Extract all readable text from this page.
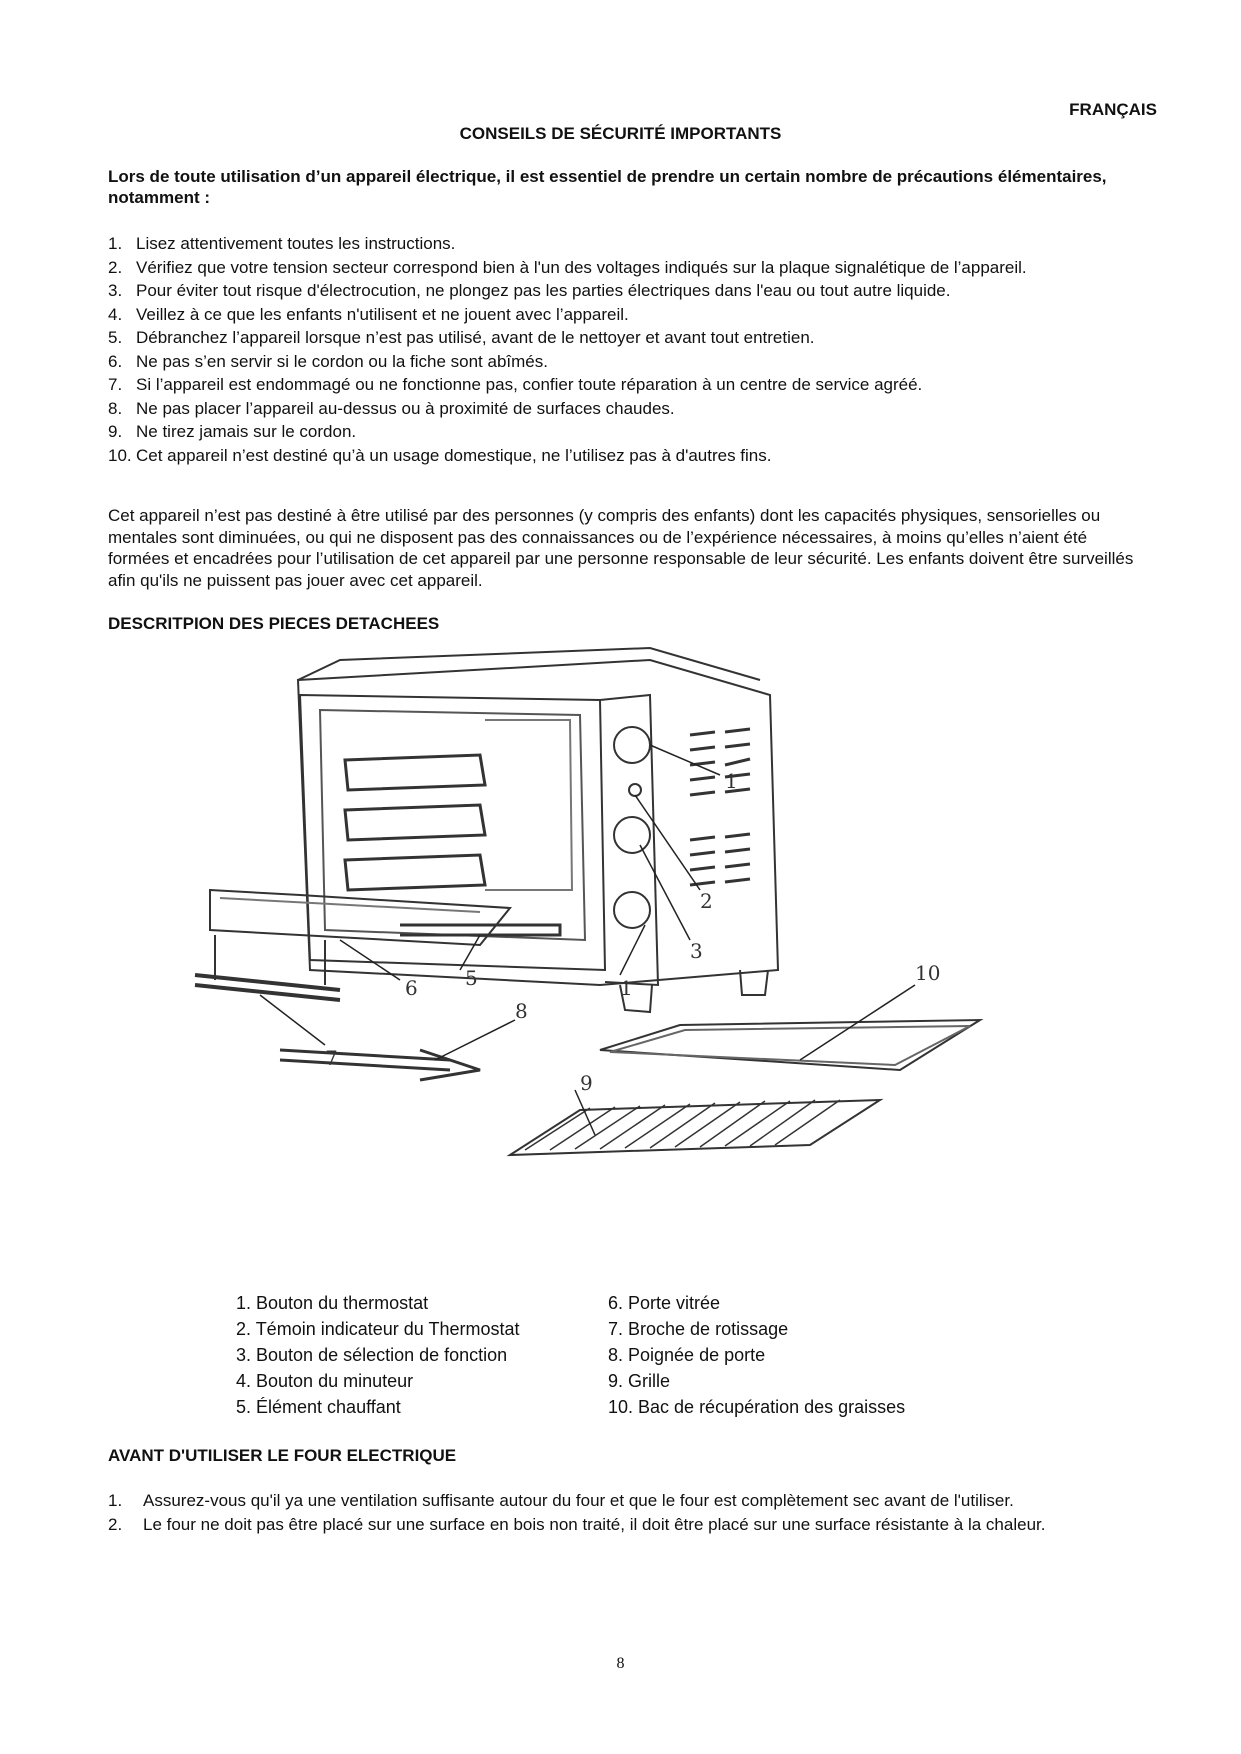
FRANÇAIS
CONSEILS DE SÉCURITÉ IMPORTANTS
Lors de toute utilisation d’un appareil électrique, il est essentiel de prendre un certain nombre de précautions élémentaires, notamment :
1. Lisez attentivement toutes les instructions.
2. Vérifiez que votre tension secteur correspond bien à l'un des voltages indiqués sur la plaque signalétique de l’appareil.
3. Pour éviter tout risque d'électrocution, ne plongez pas les parties électriques dans l'eau ou tout autre liquide.
4. Veillez à ce que les enfants n'utilisent et ne jouent avec l’appareil.
5. Débranchez l’appareil lorsque n’est pas utilisé, avant de le nettoyer et avant tout entretien.
6. Ne pas s’en servir si le cordon ou la fiche sont abîmés.
7. Si l’appareil est endommagé ou ne fonctionne pas, confier toute réparation à un centre de service agréé.
8. Ne pas placer l’appareil au-dessus ou à proximité de surfaces chaudes.
9. Ne tirez jamais sur le cordon.
10. Cet appareil n’est destiné qu’à un usage domestique, ne l’utilisez pas à d'autres fins.
Cet appareil n’est pas destiné à être utilisé par des personnes (y compris des enfants) dont les capacités physiques, sensorielles ou mentales sont diminuées, ou qui ne disposent pas des connaissances ou de l’expérience nécessaires, à moins qu’elles n’aient été formées et encadrées pour l’utilisation de cet appareil par une personne responsable de leur sécurité. Les enfants doivent être surveillés afin qu'ils ne puissent pas jouer avec cet appareil.
DESCRITPION DES PIECES DETACHEES
1
2
3
1
5
6
7
8
9
10
1. Bouton du thermostat
2. Témoin indicateur du Thermostat
3. Bouton de sélection de fonction
4. Bouton du minuteur
5. Élément chauffant
6. Porte vitrée
7. Broche de rotissage
8. Poignée de porte
9. Grille
10. Bac de récupération des graisses
AVANT D'UTILISER LE FOUR ELECTRIQUE
1.	Assurez-vous qu'il ya une ventilation suffisante autour du four et que le four est complètement sec avant de l'utiliser.
2.	Le four ne doit pas être placé sur une surface en bois non traité, il doit être placé sur une surface résistante à la chaleur.
8
